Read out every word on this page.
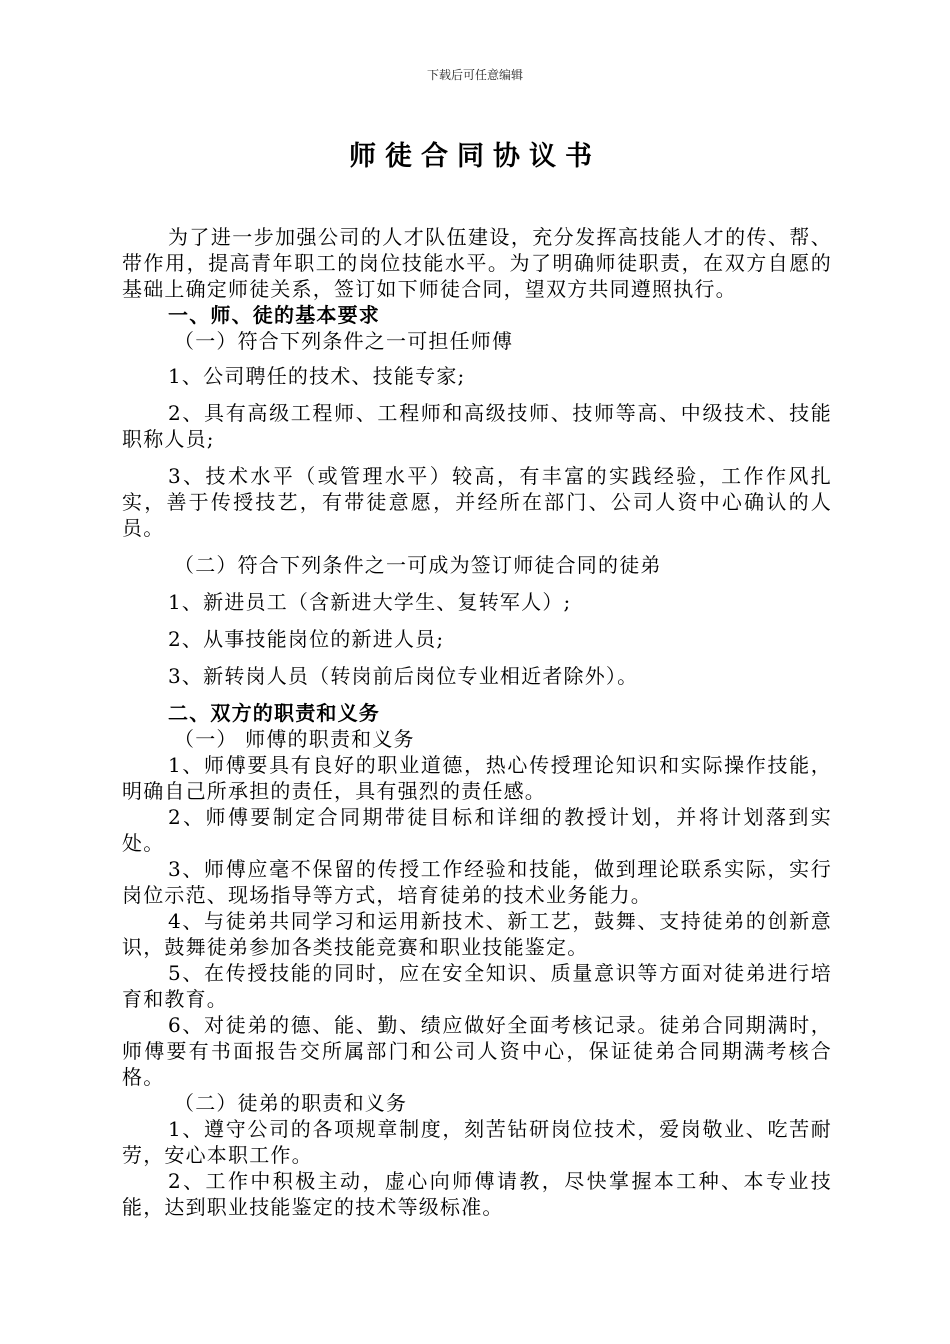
下载后可任意编辑
师徒合同协议书

为了进一步加强公司的人才队伍建设，充分发挥高技能人才的传、帮、带作用，提高青年职工的岗位技能水平。为了明确师徒职责，在双方自愿的基础上确定师徒关系，签订如下师徒合同，望双方共同遵照执行。

一、师、徒的基本要求

（一）符合下列条件之一可担任师傅

1、公司聘任的技术、技能专家;

2、具有高级工程师、工程师和高级技师、技师等高、中级技术、技能职称人员;

3、技术水平（或管理水平）较高，有丰富的实践经验，工作作风扎实，善于传授技艺，有带徒意愿，并经所在部门、公司人资中心确认的人员。

（二）符合下列条件之一可成为签订师徒合同的徒弟

1、新进员工（含新进大学生、复转军人）;

2、从事技能岗位的新进人员;

3、新转岗人员（转岗前后岗位专业相近者除外）。

二、双方的职责和义务

（一） 师傅的职责和义务

1、师傅要具有良好的职业道德，热心传授理论知识和实际操作技能，明确自己所承担的责任，具有强烈的责任感。

2、师傅要制定合同期带徒目标和详细的教授计划，并将计划落到实处。

3、师傅应毫不保留的传授工作经验和技能，做到理论联系实际，实行岗位示范、现场指导等方式，培育徒弟的技术业务能力。

4、与徒弟共同学习和运用新技术、新工艺，鼓舞、支持徒弟的创新意识，鼓舞徒弟参加各类技能竞赛和职业技能鉴定。

5、在传授技能的同时，应在安全知识、质量意识等方面对徒弟进行培育和教育。

6、对徒弟的德、能、勤、绩应做好全面考核记录。徒弟合同期满时，师傅要有书面报告交所属部门和公司人资中心，保证徒弟合同期满考核合格。

（二）徒弟的职责和义务

1、遵守公司的各项规章制度，刻苦钻研岗位技术，爱岗敬业、吃苦耐劳，安心本职工作。

2、工作中积极主动，虚心向师傅请教，尽快掌握本工种、本专业技能，达到职业技能鉴定的技术等级标准。
